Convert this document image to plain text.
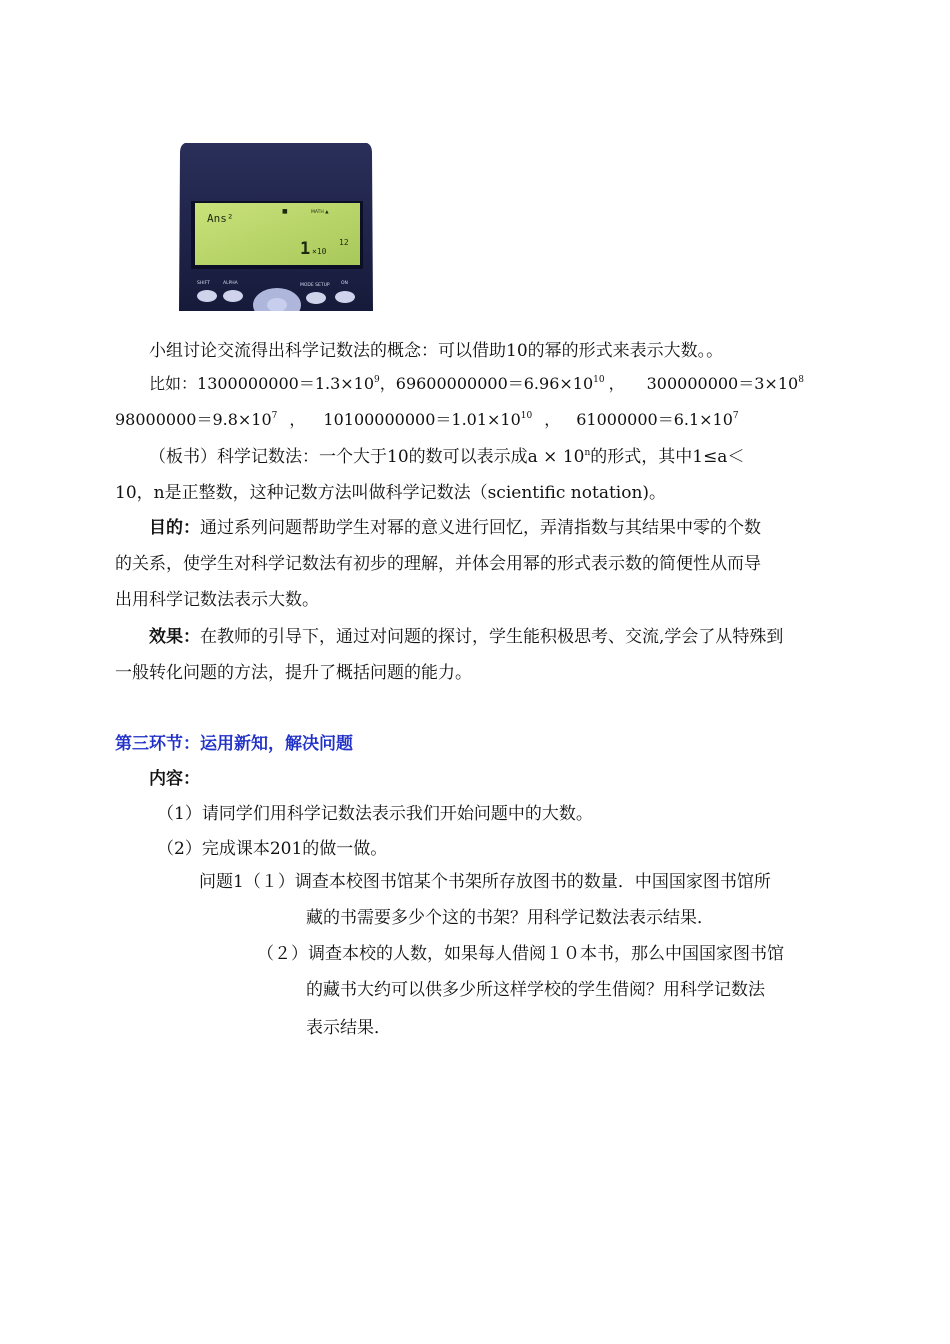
Ans²
■	MATH ▲
1 ×10
12
SHIFT	ALPHA	MODE SETUP	ON
小组讨论交流得出科学记数法的概念：可以借助10的幂的形式来表示大数。。
比如：$1300000000=1.3\times 10^9$，$69600000000=6.96\times 10^{10}$ ， $300000000=3\times 10^8$
$98000000=9.8\times 10^7$ ， $10100000000=1.01\times 10^{10}$ ， $61000000=6.1\times 10^7$
（板书）科学记数法：一个大于10的数可以表示成$a \times 10^n$的形式，其中1≤a＜
10，n是正整数，这种记数方法叫做科学记数法（scientific notation)。
目的：通过系列问题帮助学生对幂的意义进行回忆，弄清指数与其结果中零的个数
的关系，使学生对科学记数法有初步的理解，并体会用幂的形式表示数的简便性从而导
出用科学记数法表示大数。
效果：在教师的引导下，通过对问题的探讨，学生能积极思考、交流,学会了从特殊到
一般转化问题的方法，提升了概括问题的能力。
第三环节：运用新知，解决问题
内容：
（1）请同学们用科学记数法表示我们开始问题中的大数。
（2）完成课本201的做一做。
问题1（１）调查本校图书馆某个书架所存放图书的数量．中国国家图书馆所
藏的书需要多少个这的书架？用科学记数法表示结果．
（２）调查本校的人数，如果每人借阅１０本书，那么中国国家图书馆
的藏书大约可以供多少所这样学校的学生借阅？用科学记数法
表示结果．
